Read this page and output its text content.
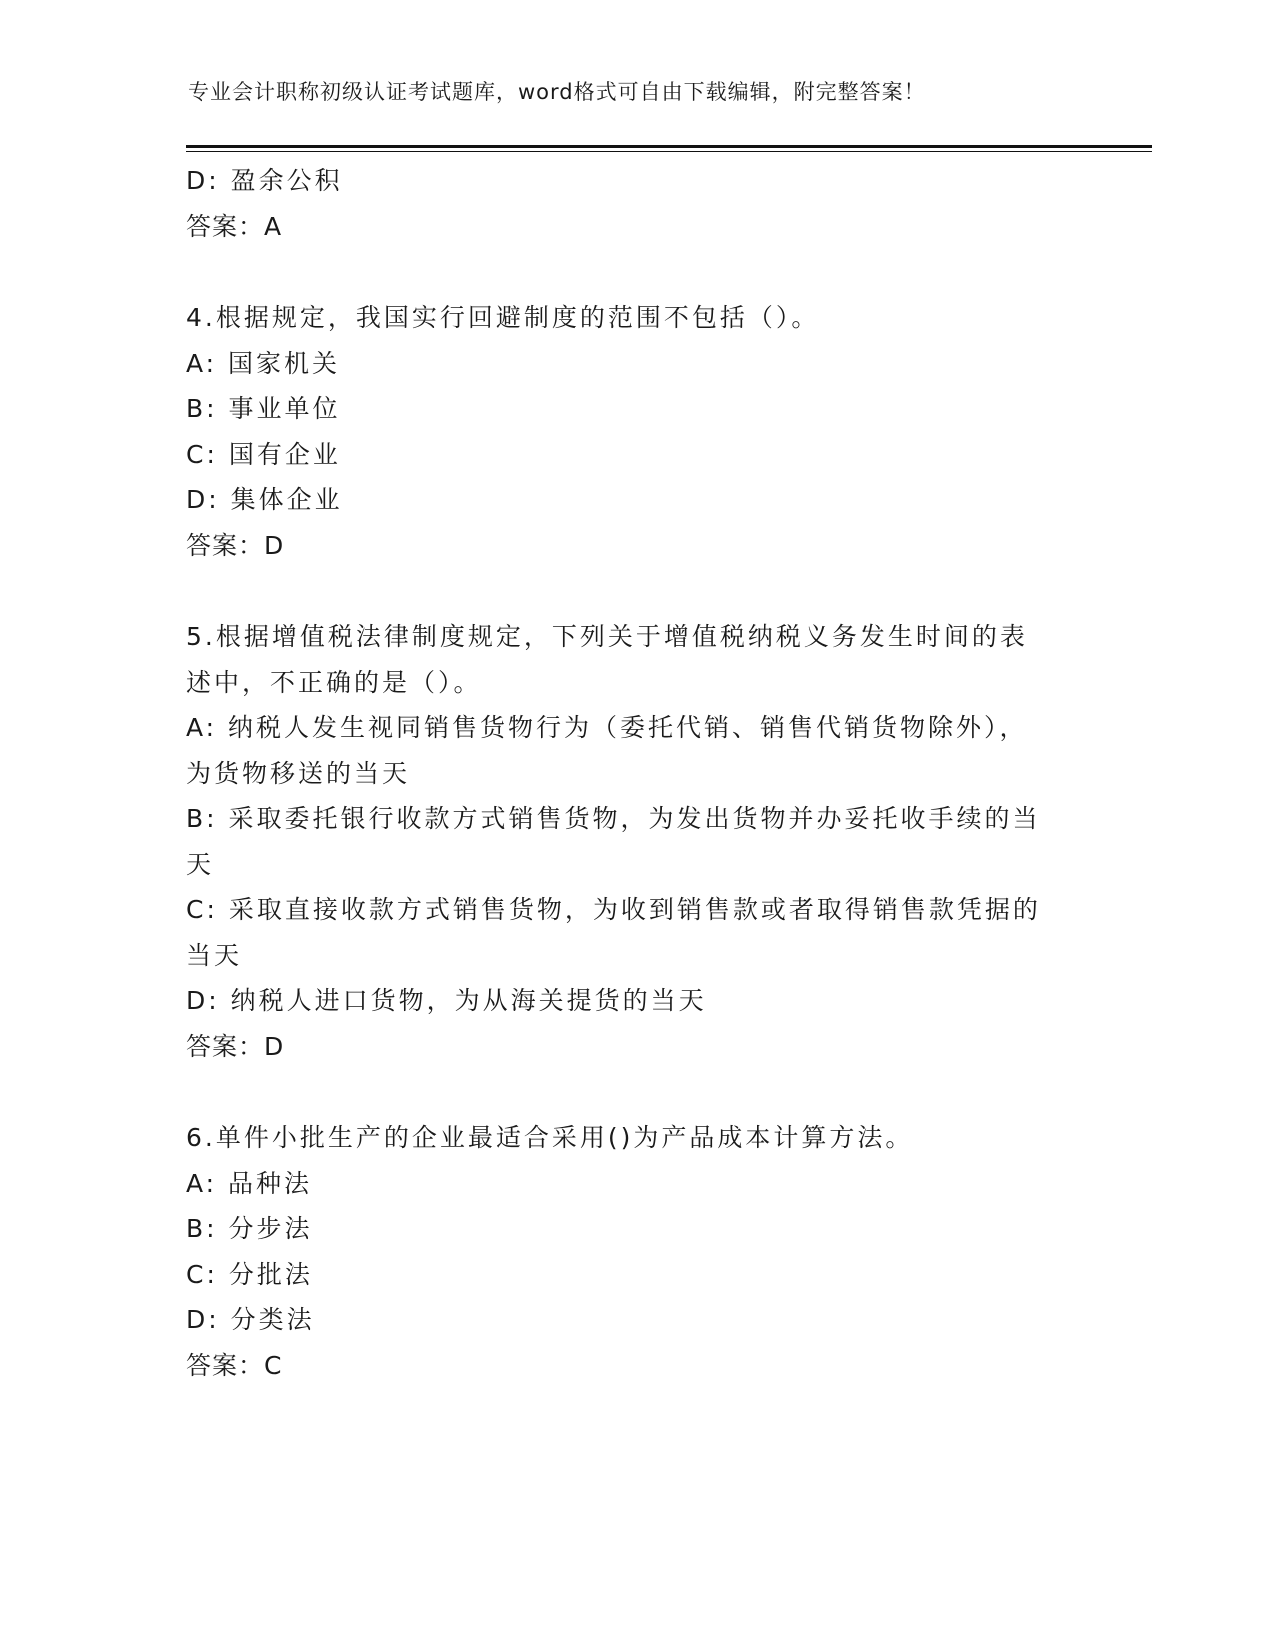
专业会计职称初级认证考试题库，word格式可自由下载编辑，附完整答案！
D: 盈余公积
答案：A
4.根据规定，我国实行回避制度的范围不包括（）。
A: 国家机关
B: 事业单位
C: 国有企业
D: 集体企业
答案：D
5.根据增值税法律制度规定，下列关于增值税纳税义务发生时间的表
述中，不正确的是（）。
A: 纳税人发生视同销售货物行为（委托代销、销售代销货物除外），
为货物移送的当天
B: 采取委托银行收款方式销售货物，为发出货物并办妥托收手续的当
天
C: 采取直接收款方式销售货物，为收到销售款或者取得销售款凭据的
当天
D: 纳税人进口货物，为从海关提货的当天
答案：D
6.单件小批生产的企业最适合采用()为产品成本计算方法。
A: 品种法
B: 分步法
C: 分批法
D: 分类法
答案：C
